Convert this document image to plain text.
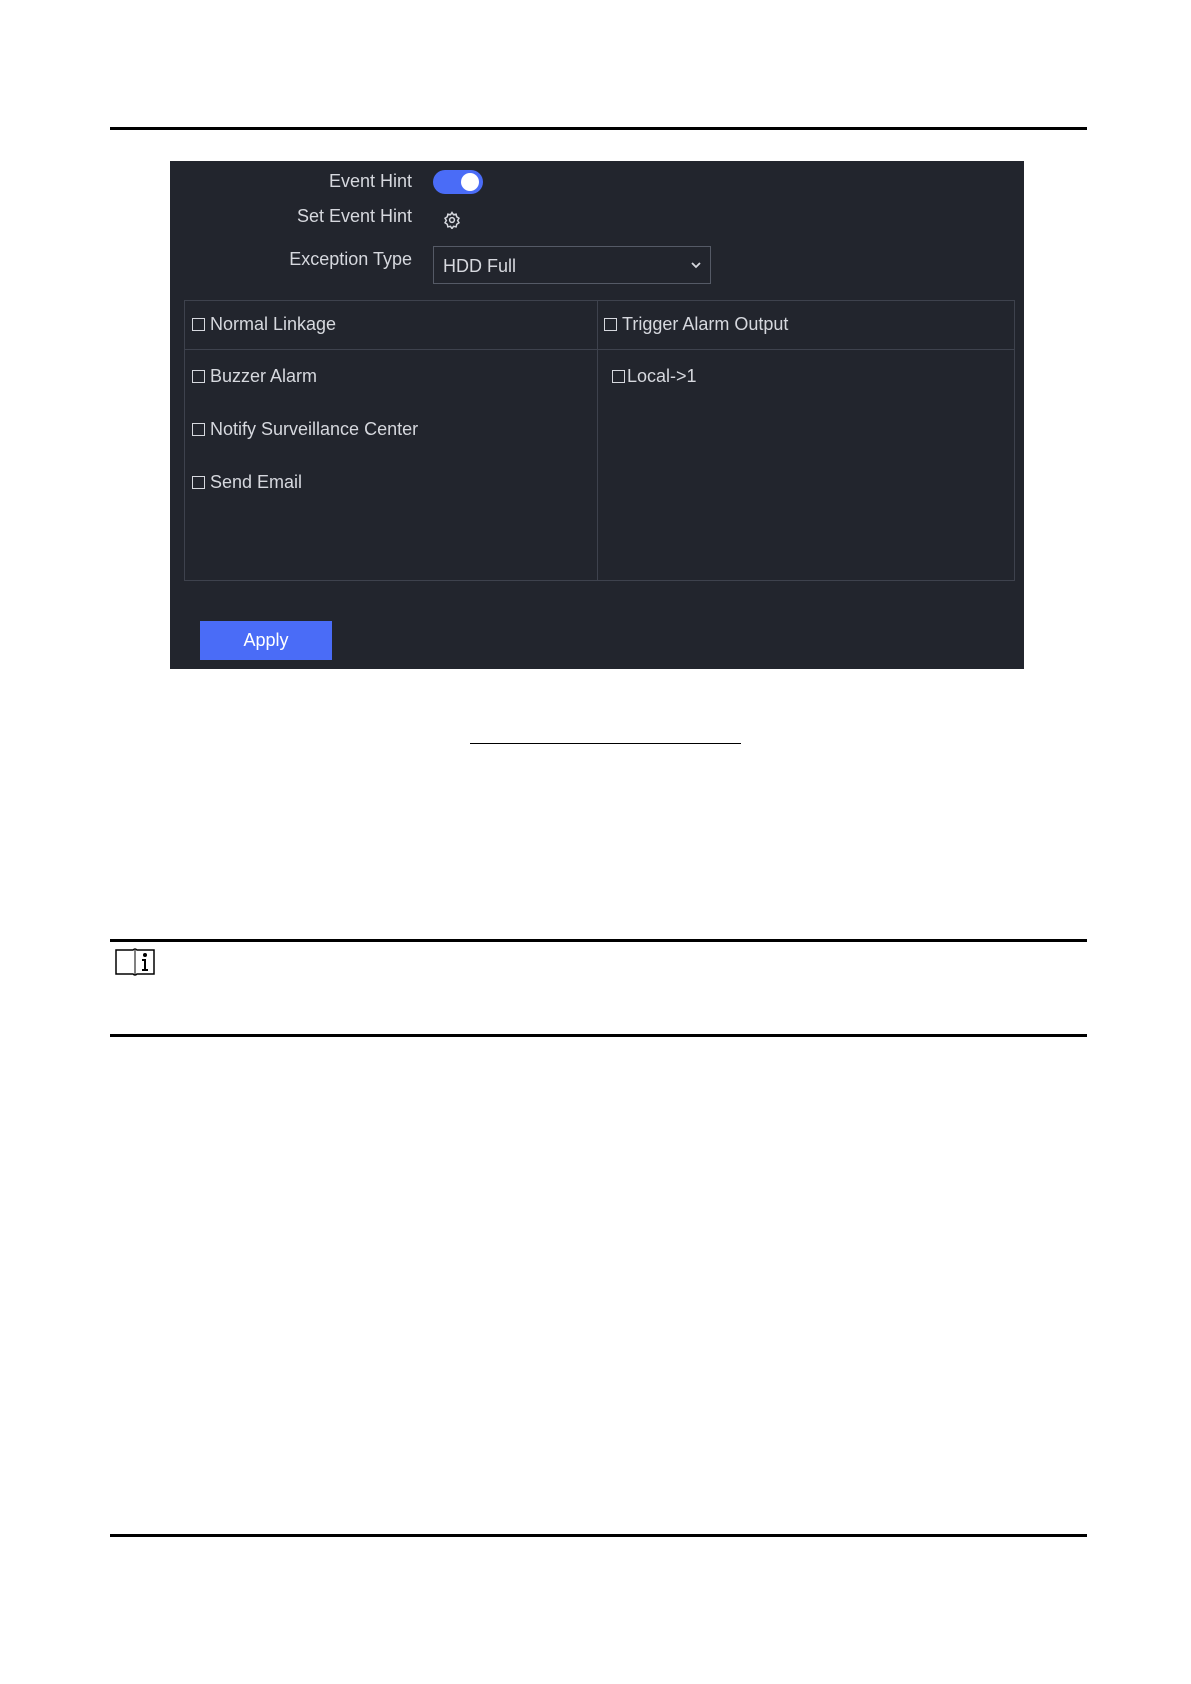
Event Hint
Set Event Hint
Exception Type HDD Full
Normal Linkage	Trigger Alarm Output
Buzzer Alarm
Notify Surveillance Center
Send Email
Local->1
Apply
